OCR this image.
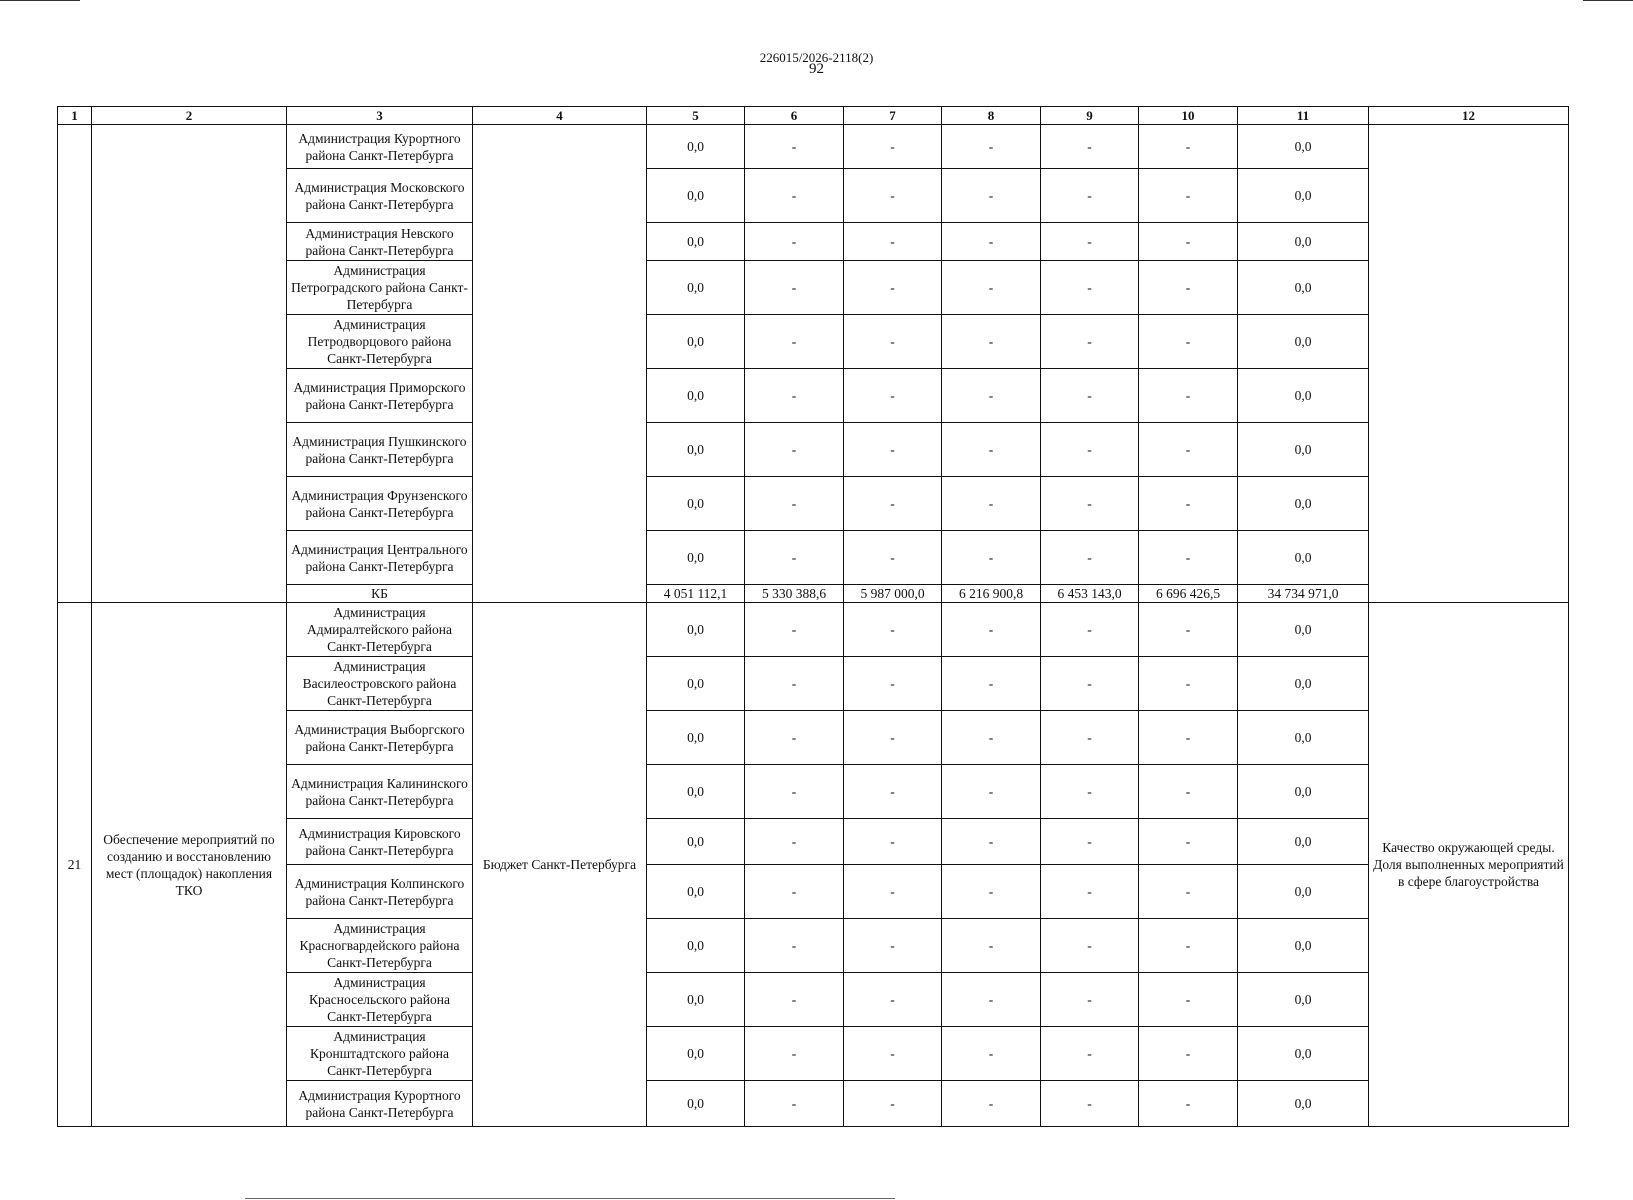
226015/2026-2118(2)
92
1	2	3	4	5	6	7	8	9	10	11	12
		Администрация Курортного района Санкт-Петербурга		0,0	-	-	-	-	-	0,0	
		Администрация Московского района Санкт-Петербурга		0,0	-	-	-	-	-	0,0	
		Администрация Невского района Санкт-Петербурга		0,0	-	-	-	-	-	0,0	
		Администрация Петроградского района Санкт-Петербурга		0,0	-	-	-	-	-	0,0	
		Администрация Петродворцового района Санкт-Петербурга		0,0	-	-	-	-	-	0,0	
		Администрация Приморского района Санкт-Петербурга		0,0	-	-	-	-	-	0,0	
		Администрация Пушкинского района Санкт-Петербурга		0,0	-	-	-	-	-	0,0	
		Администрация Фрунзенского района Санкт-Петербурга		0,0	-	-	-	-	-	0,0	
		Администрация Центрального района Санкт-Петербурга		0,0	-	-	-	-	-	0,0	
		КБ		4 051 112,1	5 330 388,6	5 987 000,0	6 216 900,8	6 453 143,0	6 696 426,5	34 734 971,0	
21	Обеспечение мероприятий по созданию и восстановлению мест (площадок) накопления ТКО	Администрация Адмиралтейского района Санкт-Петербурга	Бюджет Санкт-Петербурга	0,0	-	-	-	-	-	0,0	Качество окружающей среды. Доля выполненных мероприятий в сфере благоустройства
		Администрация Василеостровского района Санкт-Петербурга		0,0	-	-	-	-	-	0,0	
		Администрация Выборгского района Санкт-Петербурга		0,0	-	-	-	-	-	0,0	
		Администрация Калининского района Санкт-Петербурга		0,0	-	-	-	-	-	0,0	
		Администрация Кировского района Санкт-Петербурга		0,0	-	-	-	-	-	0,0	
		Администрация Колпинского района Санкт-Петербурга		0,0	-	-	-	-	-	0,0	
		Администрация Красногвардейского района Санкт-Петербурга		0,0	-	-	-	-	-	0,0	
		Администрация Красносельского района Санкт-Петербурга		0,0	-	-	-	-	-	0,0	
		Администрация Кронштадтского района Санкт-Петербурга		0,0	-	-	-	-	-	0,0	
		Администрация Курортного района Санкт-Петербурга		0,0	-	-	-	-	-	0,0	
